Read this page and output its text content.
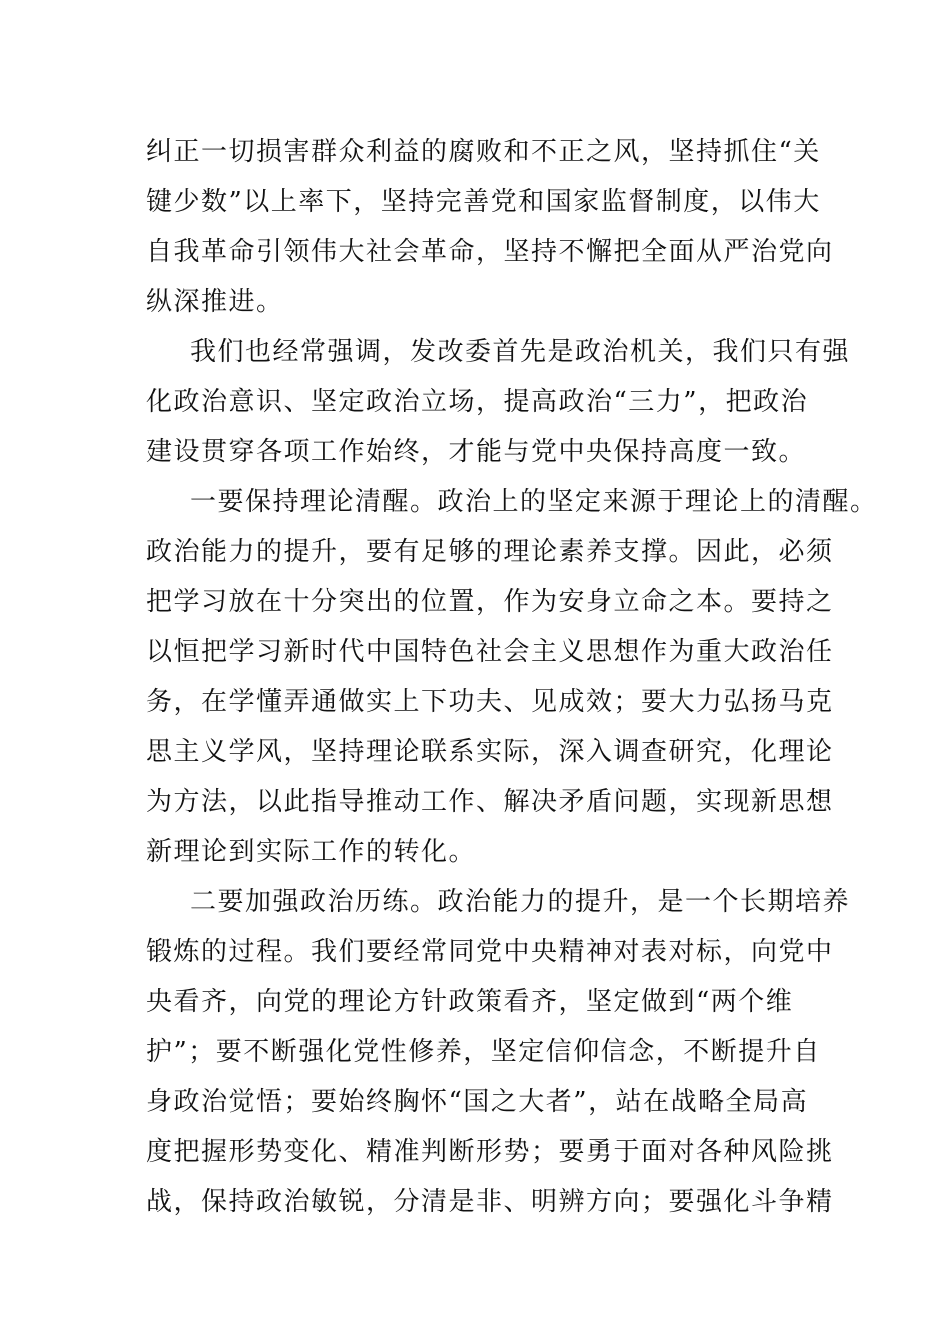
纠正一切损害群众利益的腐败和不正之风，坚持抓住“关
键少数”以上率下，坚持完善党和国家监督制度，以伟大
自我革命引领伟大社会革命，坚持不懈把全面从严治党向
纵深推进。
我们也经常强调，发改委首先是政治机关，我们只有强
化政治意识、坚定政治立场，提高政治“三力”，把政治
建设贯穿各项工作始终，才能与党中央保持高度一致。
一要保持理论清醒。政治上的坚定来源于理论上的清醒。
政治能力的提升，要有足够的理论素养支撑。因此，必须
把学习放在十分突出的位置，作为安身立命之本。要持之
以恒把学习新时代中国特色社会主义思想作为重大政治任
务，在学懂弄通做实上下功夫、见成效；要大力弘扬马克
思主义学风，坚持理论联系实际，深入调查研究，化理论
为方法，以此指导推动工作、解决矛盾问题，实现新思想
新理论到实际工作的转化。
二要加强政治历练。政治能力的提升，是一个长期培养
锻炼的过程。我们要经常同党中央精神对表对标，向党中
央看齐，向党的理论方针政策看齐，坚定做到“两个维
护”；要不断强化党性修养，坚定信仰信念，不断提升自
身政治觉悟；要始终胸怀“国之大者”，站在战略全局高
度把握形势变化、精准判断形势；要勇于面对各种风险挑
战，保持政治敏锐，分清是非、明辨方向；要强化斗争精
